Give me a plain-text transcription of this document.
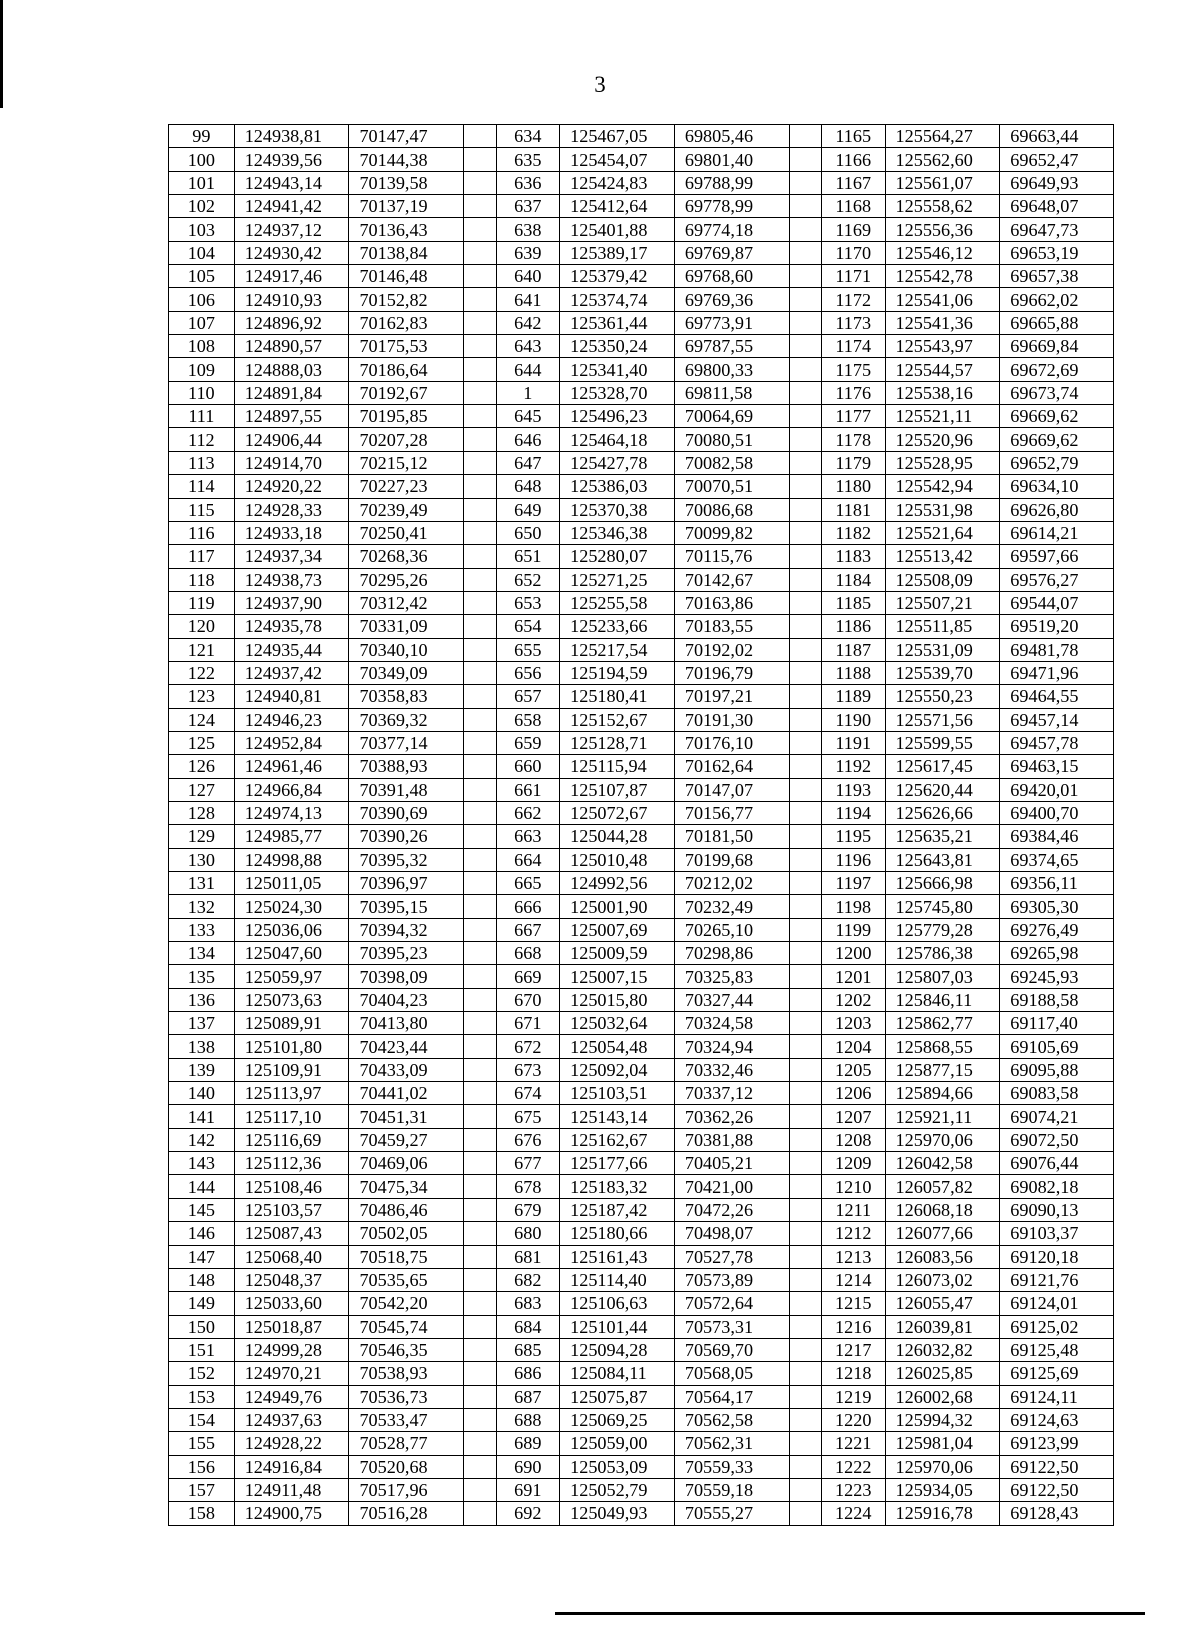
3
99	124938,81	70147,47		634	125467,05	69805,46		1165	125564,27	69663,44
100	124939,56	70144,38		635	125454,07	69801,40		1166	125562,60	69652,47
101	124943,14	70139,58		636	125424,83	69788,99		1167	125561,07	69649,93
102	124941,42	70137,19		637	125412,64	69778,99		1168	125558,62	69648,07
103	124937,12	70136,43		638	125401,88	69774,18		1169	125556,36	69647,73
104	124930,42	70138,84		639	125389,17	69769,87		1170	125546,12	69653,19
105	124917,46	70146,48		640	125379,42	69768,60		1171	125542,78	69657,38
106	124910,93	70152,82		641	125374,74	69769,36		1172	125541,06	69662,02
107	124896,92	70162,83		642	125361,44	69773,91		1173	125541,36	69665,88
108	124890,57	70175,53		643	125350,24	69787,55		1174	125543,97	69669,84
109	124888,03	70186,64		644	125341,40	69800,33		1175	125544,57	69672,69
110	124891,84	70192,67		1	125328,70	69811,58		1176	125538,16	69673,74
111	124897,55	70195,85		645	125496,23	70064,69		1177	125521,11	69669,62
112	124906,44	70207,28		646	125464,18	70080,51		1178	125520,96	69669,62
113	124914,70	70215,12		647	125427,78	70082,58		1179	125528,95	69652,79
114	124920,22	70227,23		648	125386,03	70070,51		1180	125542,94	69634,10
115	124928,33	70239,49		649	125370,38	70086,68		1181	125531,98	69626,80
116	124933,18	70250,41		650	125346,38	70099,82		1182	125521,64	69614,21
117	124937,34	70268,36		651	125280,07	70115,76		1183	125513,42	69597,66
118	124938,73	70295,26		652	125271,25	70142,67		1184	125508,09	69576,27
119	124937,90	70312,42		653	125255,58	70163,86		1185	125507,21	69544,07
120	124935,78	70331,09		654	125233,66	70183,55		1186	125511,85	69519,20
121	124935,44	70340,10		655	125217,54	70192,02		1187	125531,09	69481,78
122	124937,42	70349,09		656	125194,59	70196,79		1188	125539,70	69471,96
123	124940,81	70358,83		657	125180,41	70197,21		1189	125550,23	69464,55
124	124946,23	70369,32		658	125152,67	70191,30		1190	125571,56	69457,14
125	124952,84	70377,14		659	125128,71	70176,10		1191	125599,55	69457,78
126	124961,46	70388,93		660	125115,94	70162,64		1192	125617,45	69463,15
127	124966,84	70391,48		661	125107,87	70147,07		1193	125620,44	69420,01
128	124974,13	70390,69		662	125072,67	70156,77		1194	125626,66	69400,70
129	124985,77	70390,26		663	125044,28	70181,50		1195	125635,21	69384,46
130	124998,88	70395,32		664	125010,48	70199,68		1196	125643,81	69374,65
131	125011,05	70396,97		665	124992,56	70212,02		1197	125666,98	69356,11
132	125024,30	70395,15		666	125001,90	70232,49		1198	125745,80	69305,30
133	125036,06	70394,32		667	125007,69	70265,10		1199	125779,28	69276,49
134	125047,60	70395,23		668	125009,59	70298,86		1200	125786,38	69265,98
135	125059,97	70398,09		669	125007,15	70325,83		1201	125807,03	69245,93
136	125073,63	70404,23		670	125015,80	70327,44		1202	125846,11	69188,58
137	125089,91	70413,80		671	125032,64	70324,58		1203	125862,77	69117,40
138	125101,80	70423,44		672	125054,48	70324,94		1204	125868,55	69105,69
139	125109,91	70433,09		673	125092,04	70332,46		1205	125877,15	69095,88
140	125113,97	70441,02		674	125103,51	70337,12		1206	125894,66	69083,58
141	125117,10	70451,31		675	125143,14	70362,26		1207	125921,11	69074,21
142	125116,69	70459,27		676	125162,67	70381,88		1208	125970,06	69072,50
143	125112,36	70469,06		677	125177,66	70405,21		1209	126042,58	69076,44
144	125108,46	70475,34		678	125183,32	70421,00		1210	126057,82	69082,18
145	125103,57	70486,46		679	125187,42	70472,26		1211	126068,18	69090,13
146	125087,43	70502,05		680	125180,66	70498,07		1212	126077,66	69103,37
147	125068,40	70518,75		681	125161,43	70527,78		1213	126083,56	69120,18
148	125048,37	70535,65		682	125114,40	70573,89		1214	126073,02	69121,76
149	125033,60	70542,20		683	125106,63	70572,64		1215	126055,47	69124,01
150	125018,87	70545,74		684	125101,44	70573,31		1216	126039,81	69125,02
151	124999,28	70546,35		685	125094,28	70569,70		1217	126032,82	69125,48
152	124970,21	70538,93		686	125084,11	70568,05		1218	126025,85	69125,69
153	124949,76	70536,73		687	125075,87	70564,17		1219	126002,68	69124,11
154	124937,63	70533,47		688	125069,25	70562,58		1220	125994,32	69124,63
155	124928,22	70528,77		689	125059,00	70562,31		1221	125981,04	69123,99
156	124916,84	70520,68		690	125053,09	70559,33		1222	125970,06	69122,50
157	124911,48	70517,96		691	125052,79	70559,18		1223	125934,05	69122,50
158	124900,75	70516,28		692	125049,93	70555,27		1224	125916,78	69128,43
